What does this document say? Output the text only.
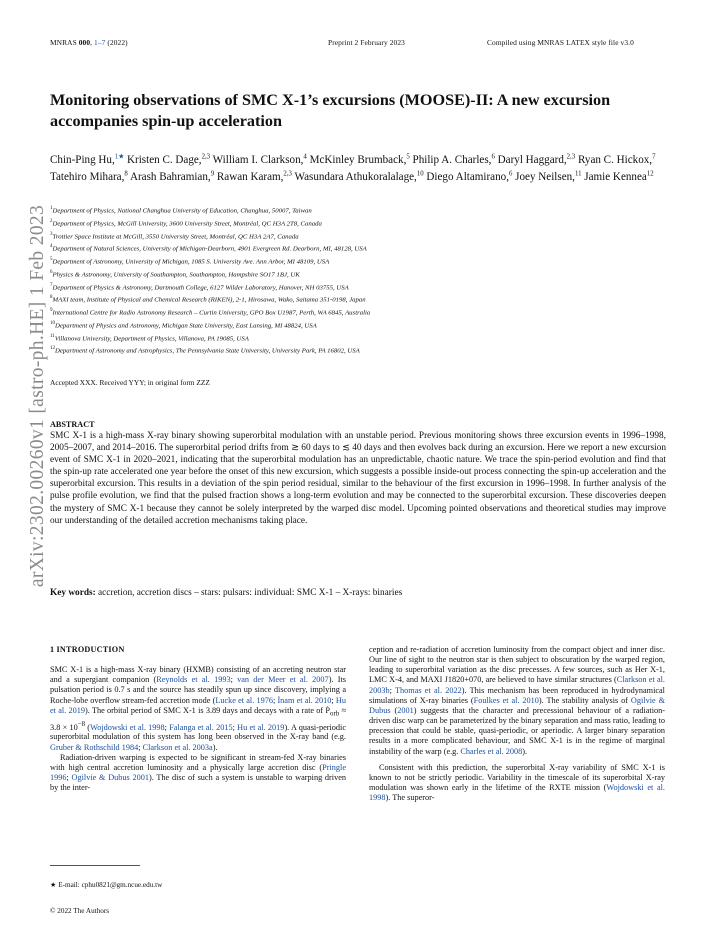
MNRAS 000, 1–7 (2022)	Preprint 2 February 2023	Compiled using MNRAS LATEX style file v3.0
arXiv:2302.00260v1 [astro-ph.HE] 1 Feb 2023
Monitoring observations of SMC X-1’s excursions (MOOSE)-II: A new excursion accompanies spin-up acceleration
Chin-Ping Hu,$^{1★}$ Kristen C. Dage,$^{2,3}$ William I. Clarkson,$^4$ McKinley Brumback,$^5$ Philip A. Charles,$^6$ Daryl Haggard,$^{2,3}$ Ryan C. Hickox,$^7$ Tatehiro Mihara,$^8$ Arash Bahramian,$^9$ Rawan Karam,$^{2,3}$ Wasundara Athukoralalage,$^{10}$ Diego Altamirano,$^6$ Joey Neilsen,$^{11}$ Jamie Kennea$^{12}$
$^1$Department of Physics, National Changhua University of Education, Changhua, 50007, Taiwan
$^2$Department of Physics, McGill University, 3600 University Street, Montréal, QC H3A 2T8, Canada
$^3$Trottier Space Institute at McGill, 3550 University Street, Montréal, QC H3A 2A7, Canada
$^4$Department of Natural Sciences, University of Michigan-Dearborn, 4901 Evergreen Rd. Dearborn, MI, 48128, USA
$^5$Department of Astronomy, University of Michigan, 1085 S. University Ave. Ann Arbor, MI 48109, USA
$^6$Physics & Astronomy, University of Southampton, Southampton, Hampshire SO17 1BJ, UK
$^7$Department of Physics & Astronomy, Dartmouth College, 6127 Wilder Laboratory, Hanover, NH 03755, USA
$^8$MAXI team, Institute of Physical and Chemical Research (RIKEN), 2-1, Hirosawa, Wako, Saitama 351-0198, Japan
$^9$International Centre for Radio Astronomy Research – Curtin University, GPO Box U1987, Perth, WA 6845, Australia
$^{10}$Department of Physics and Astronomy, Michigan State University, East Lansing, MI 48824, USA
$^{11}$Villanova University, Department of Physics, Villanova, PA 19085, USA
$^{12}$Department of Astronomy and Astrophysics, The Pennsylvania State University, University Park, PA 16802, USA
Accepted XXX. Received YYY; in original form ZZZ
ABSTRACT
SMC X-1 is a high-mass X-ray binary showing superorbital modulation with an unstable period. Previous monitoring shows three excursion events in 1996–1998, 2005–2007, and 2014–2016. The superorbital period drifts from ≳ 60 days to ≲ 40 days and then evolves back during an excursion. Here we report a new excursion event of SMC X-1 in 2020–2021, indicating that the superorbital modulation has an unpredictable, chaotic nature. We trace the spin-period evolution and find that the spin-up rate accelerated one year before the onset of this new excursion, which suggests a possible inside-out process connecting the spin-up acceleration and the superorbital excursion. This results in a deviation of the spin period residual, similar to the behaviour of the first excursion in 1996–1998. In further analysis of the pulse profile evolution, we find that the pulsed fraction shows a long-term evolution and may be connected to the superorbital excursion. These discoveries deepen the mystery of SMC X-1 because they cannot be solely interpreted by the warped disc model. Upcoming pointed observations and theoretical studies may improve our understanding of the detailed accretion mechanisms taking place.
Key words: accretion, accretion discs – stars: pulsars: individual: SMC X-1 – X-rays: binaries
1 INTRODUCTION

SMC X-1 is a high-mass X-ray binary (HXMB) consisting of an accreting neutron star and a supergiant companion (Reynolds et al. 1993; van der Meer et al. 2007). Its pulsation period is 0.7 s and the source has steadily spun up since discovery, implying a Roche-lobe overflow stream-fed accretion mode (Lucke et al. 1976; İnam et al. 2010; Hu et al. 2019). The orbital period of SMC X-1 is 3.89 days and decays with a rate of Ṗ$_{orb}$ ≈ $3.8 \times 10^{-8}$ (Wojdowski et al. 1998; Falanga et al. 2015; Hu et al. 2019). A quasi-periodic superorbital modulation of this system has long been observed in the X-ray band (e.g. Gruber & Rothschild 1984; Clarkson et al. 2003a).

Radiation-driven warping is expected to be significant in stream-fed X-ray binaries with high central accretion luminosity and a physically large accretion disc (Pringle 1996; Ogilvie & Dubus 2001). The disc of such a system is unstable to warping driven by the inter-

ception and re-radiation of accretion luminosity from the compact object and inner disc. Our line of sight to the neutron star is then subject to obscuration by the warped region, leading to superorbital variation as the disc precesses. A few sources, such as Her X-1, LMC X-4, and MAXI J1820+070, are believed to have similar structures (Clarkson et al. 2003b; Thomas et al. 2022). This mechanism has been reproduced in hydrodynamical simulations of X-ray binaries (Foulkes et al. 2010). The stability analysis of Ogilvie & Dubus (2001) suggests that the character and precessional behaviour of a radiation-driven disc warp can be parameterized by the binary separation and mass ratio, leading to precession that could be stable, quasi-periodic, or aperiodic. A larger binary separation results in a more complicated behaviour, and SMC X-1 is in the regime of marginal instability of the warp (e.g. Charles et al. 2008).

Consistent with this prediction, the superorbital X-ray variability of SMC X-1 is known to not be strictly periodic. Variability in the timescale of its superorbital X-ray modulation was shown early in the lifetime of the RXTE mission (Wojdowski et al. 1998). The superor-

★ E-mail: cphu0821@gm.ncue.edu.tw
© 2022 The Authors
